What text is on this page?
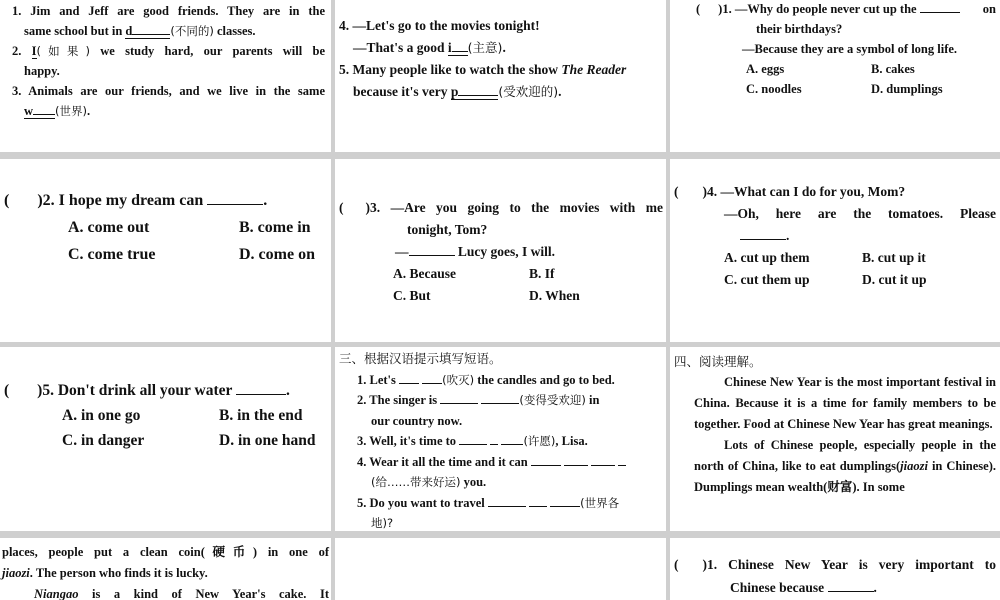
1. Jim and Jeff are good friends. They are in the
same school but in d	(不同的) classes.
2. I(如果) we study hard, our parents will be
happy.
3. Animals are our friends, and we live in the same
w (世界).
4. —Let's go to the movies tonight!
—That's a good i (主意).
5. Many people like to watch the show The Reader
because it's very p	(受欢迎的).
( )1. —Why do people never cut up the	on
their birthdays?
—Because they are a symbol of long life.
A. eggs	B. cakes
C. noodles	D. dumplings
( )2. I hope my dream can	.
A. come out	B. come in
C. come true	D. come on
( )3. —Are you going to the movies with me
tonight, Tom?
—	Lucy goes, I will.
A. Because	B. If
C. But	D. When
( )4. —What can I do for you, Mom?
—Oh, here are the tomatoes. Please
.
A. cut up them	B. cut up it
C. cut them up	D. cut it up
( )5. Don't drink all your water	.
A. in one go	B. in the end
C. in danger	D. in one hand
三、根据汉语提示填写短语。
1. Let's	(吹灭) the candles and go to bed.
2. The singer is	(变得受欢迎) in
our country now.
3. Well, it's time to	(许愿), Lisa.
4. Wear it all the time and it can
(给……带来好运) you.
5. Do you want to travel	(世界各
地)?
四、阅读理解。

Chinese New Year is the most important festival in China. Because it is a time for family members to be together. Food at Chinese New Year has great meanings.

Lots of Chinese people, especially people in the north of China, like to eat dumplings(jiaozi in Chinese). Dumplings mean wealth(财富). In some

places, people put a clean coin(硬币) in one of
jiaozi. The person who finds it is lucky.
Niangao is a kind of New Year's cake. It
( )1. Chinese New Year is very important to
Chinese because	.
